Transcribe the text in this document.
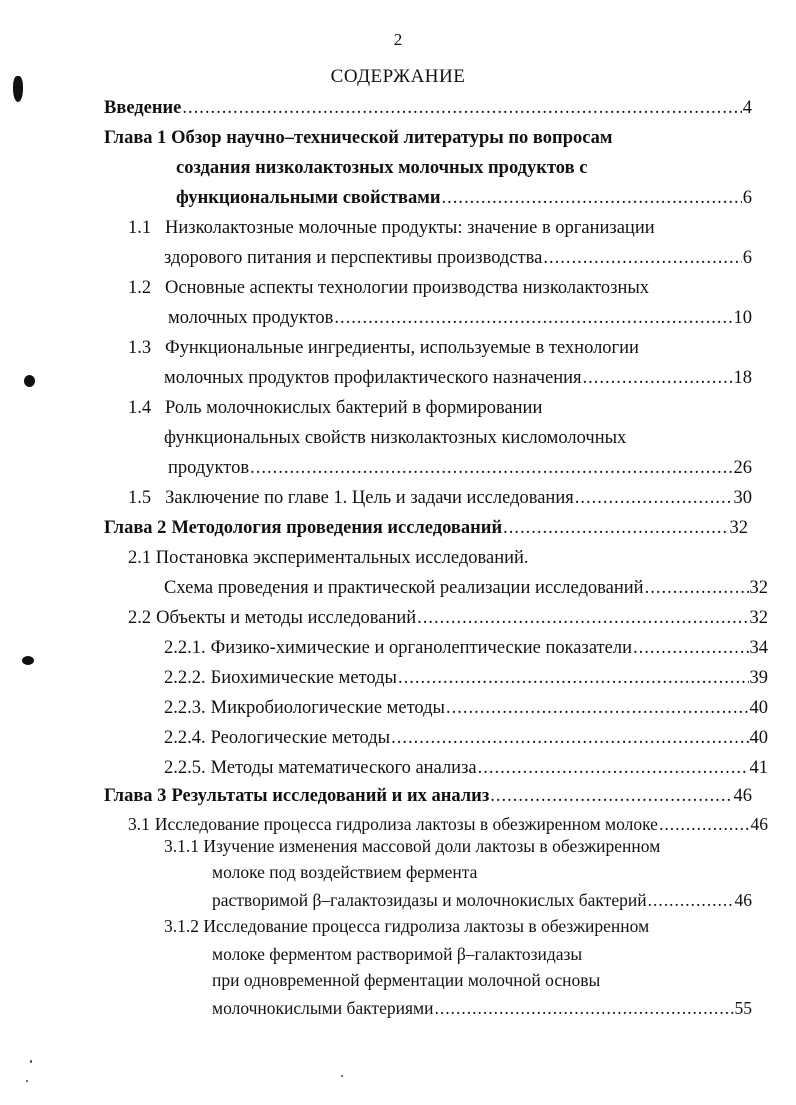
2
СОДЕРЖАНИЕ
Введение .....	4
Глава 1 Обзор научно–технической литературы по вопросам
создания низколактозных молочных продуктов с
функциональными свойствами .....	6
1.1 Низколактозные молочные продукты: значение в организации
здорового питания и перспективы производства .....	6
1.2 Основные аспекты технологии производства низколактозных
молочных продуктов .....	10
1.3 Функциональные ингредиенты, используемые в технологии
молочных продуктов профилактического назначения .....	18
1.4 Роль молочнокислых бактерий в формировании
функциональных свойств низколактозных кисломолочных
продуктов .....	26
1.5 Заключение по главе 1. Цель и задачи исследования .....	30
Глава 2 Методология проведения исследований .....	32
2.1 Постановка экспериментальных исследований.
Схема проведения и практической реализации исследований .....	32
2.2 Объекты и методы исследований .....	32
2.2.1. Физико-химические и органолептические показатели .....	34
2.2.2. Биохимические методы .....	39
2.2.3. Микробиологические методы .....	40
2.2.4. Реологические методы .....	40
2.2.5. Методы математического анализа .....	41
Глава 3 Результаты исследований и их анализ .....	46
3.1 Исследование процесса гидролиза лактозы в обезжиренном молоке .....	46
3.1.1 Изучение изменения массовой доли лактозы в обезжиренном
молоке под воздействием фермента
растворимой β–галактозидазы и молочнокислых бактерий .....	46
3.1.2 Исследование процесса гидролиза лактозы в обезжиренном
молоке ферментом растворимой β–галактозидазы
при одновременной ферментации молочной основы
молочнокислыми бактериями .....	55
